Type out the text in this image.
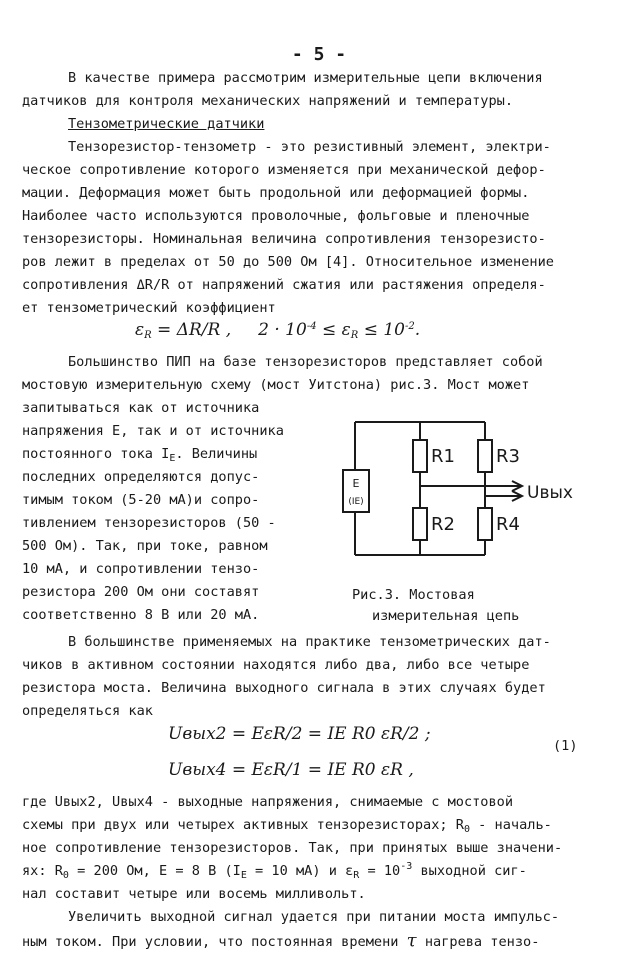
- 5 -
В качестве примера рассмотрим измерительные цепи включения
датчиков для контроля механических напряжений и температуры.
Тензометрические датчики
Тензорезистор-тензометр - это резистивный элемент, электри-
ческое сопротивление которого изменяется при механической дефор-
мации. Деформация может быть продольной или деформацией формы.
Наиболее часто используются проволочные, фольговые и пленочные
тензорезисторы. Номинальная величина сопротивления тензорезисто-
ров лежит в пределах от 50 до 500 Ом [4]. Относительное изменение
сопротивления ΔR/R от напряжений сжатия или растяжения определя-
ет тензометрический коэффициент
$\varepsilon_R = \Delta R/R$ , $2 \cdot 10^{-4} \le \varepsilon_R \le 10^{-2}$.
Большинство ПИП на базе тензорезисторов представляет собой
мостовую измерительную схему (мост Уитстона) рис.3. Мост может
запитываться как от источника
напряжения E, так и от источника
постоянного тока $I_E$. Величины
последних определяются допус-
тимым током (5-20 мА)и сопро-
тивлением тензорезисторов (50 -
500 Ом). Так, при токе, равном
10 мА, и сопротивлении тензо-
резистора 200 Ом они составят
соответственно 8 В или 20 мА.
E
(IE)
R1
R2
R3
R4
Uвых
Рис.3. Мостовая
измерительная цепь
В большинстве применяемых на практике тензометрических дат-
чиков в активном состоянии находятся либо два, либо все четыре
резистора моста. Величина выходного сигнала в этих случаях будет
определяться как
Uвых2 = EεR/2 = IE R0 εR/2 ;
Uвых4 = EεR/1 = IE R0 εR ,
(1)
где Uвых2, Uвых4 - выходные напряжения, снимаемые с мостовой
схемы при двух или четырех активных тензорезисторах; $R_0$ - началь-
ное сопротивление тензорезисторов. Так, при принятых выше значени-
ях: $R_0 = 200$ Ом, E = 8 В ($I_E = 10$ мА) и $\varepsilon_R = 10^{-3}$ выходной сиг-
нал составит четыре или восемь милливольт.
Увеличить выходной сигнал удается при питании моста импульс-
ным током. При условии, что постоянная времени τ нагрева тензо-
